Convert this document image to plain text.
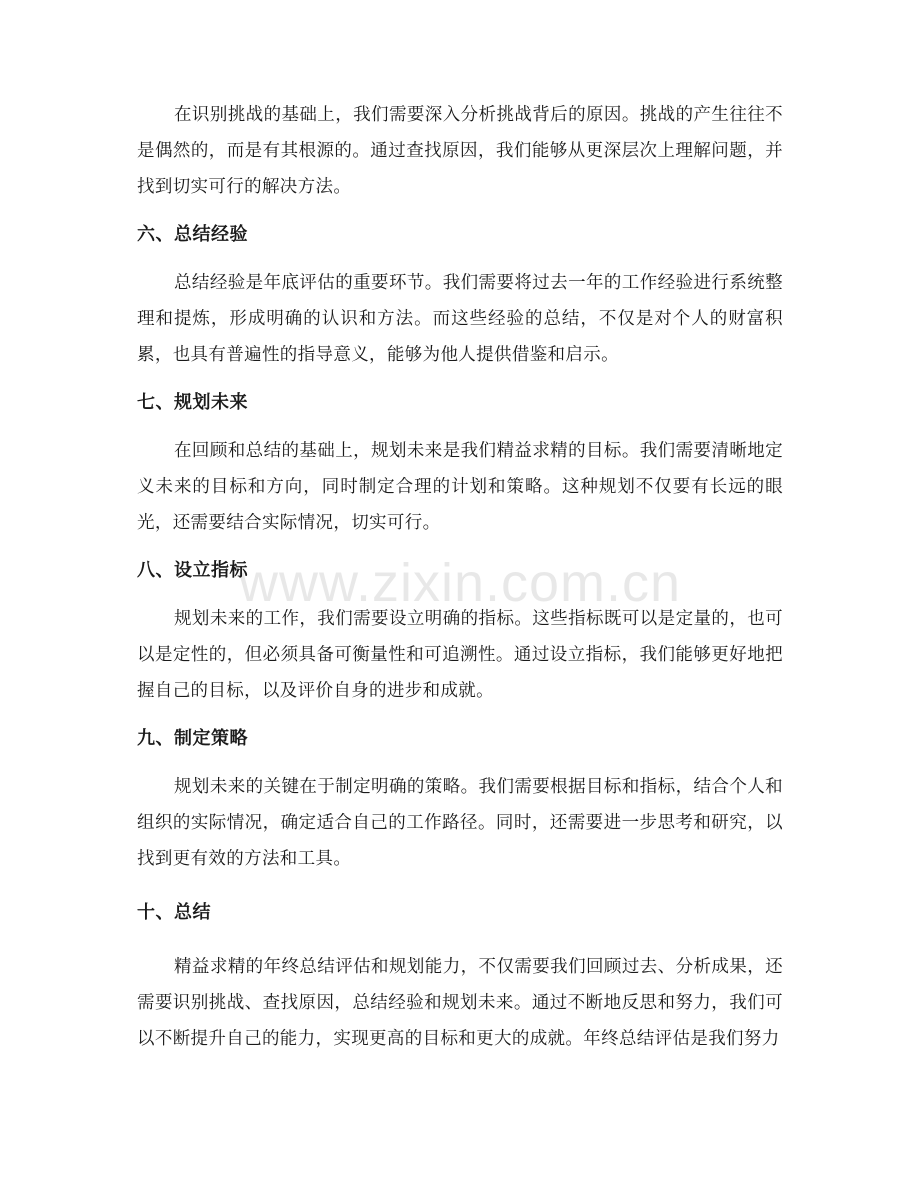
在识别挑战的基础上，我们需要深入分析挑战背后的原因。挑战的产生往往不是偶然的，而是有其根源的。通过查找原因，我们能够从更深层次上理解问题，并找到切实可行的解决方法。

六、总结经验

总结经验是年底评估的重要环节。我们需要将过去一年的工作经验进行系统整理和提炼，形成明确的认识和方法。而这些经验的总结，不仅是对个人的财富积累，也具有普遍性的指导意义，能够为他人提供借鉴和启示。

七、规划未来

在回顾和总结的基础上，规划未来是我们精益求精的目标。我们需要清晰地定义未来的目标和方向，同时制定合理的计划和策略。这种规划不仅要有长远的眼光，还需要结合实际情况，切实可行。

八、设立指标

规划未来的工作，我们需要设立明确的指标。这些指标既可以是定量的，也可以是定性的，但必须具备可衡量性和可追溯性。通过设立指标，我们能够更好地把握自己的目标，以及评价自身的进步和成就。

九、制定策略

规划未来的关键在于制定明确的策略。我们需要根据目标和指标，结合个人和组织的实际情况，确定适合自己的工作路径。同时，还需要进一步思考和研究，以找到更有效的方法和工具。

十、总结

精益求精的年终总结评估和规划能力，不仅需要我们回顾过去、分析成果，还需要识别挑战、查找原因，总结经验和规划未来。通过不断地反思和努力，我们可以不断提升自己的能力，实现更高的目标和更大的成就。年终总结评估是我们努力

www.zixin.com.cn
